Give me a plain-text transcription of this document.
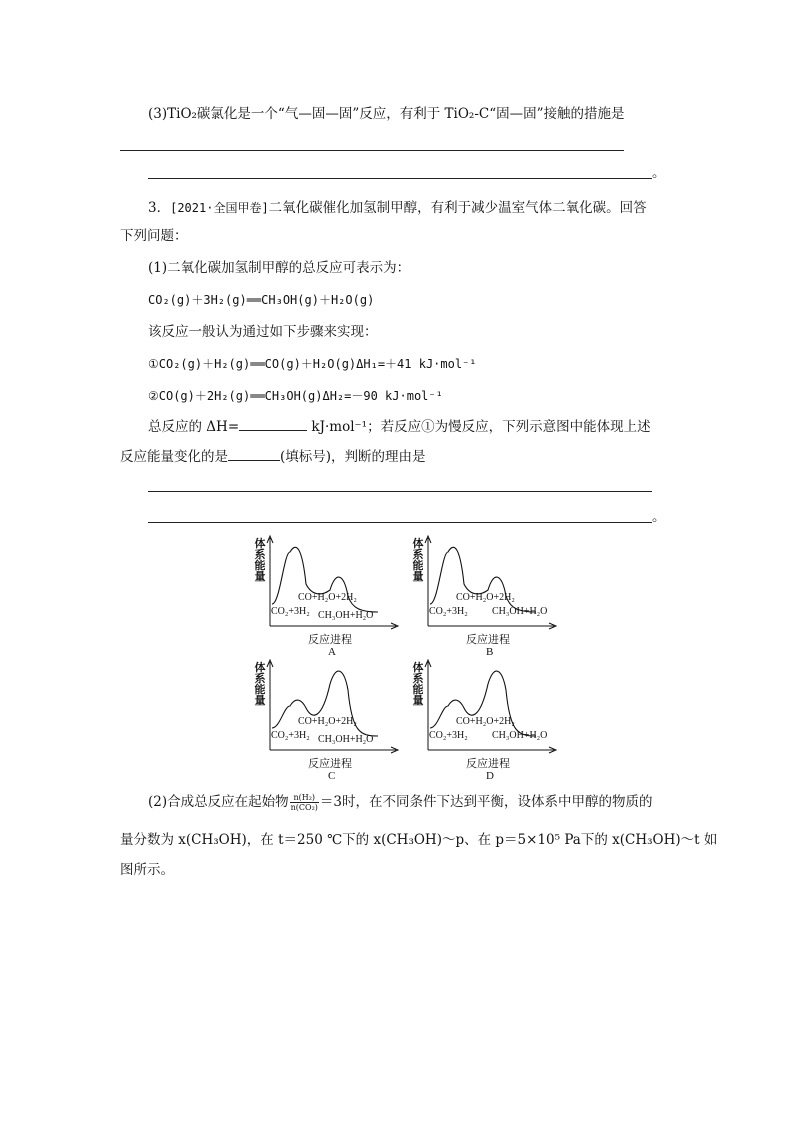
(3)TiO₂碳氯化是一个“气—固—固”反应，有利于 TiO₂-C“固—固”接触的措施是
。
3．[2021·全国甲卷]二氧化碳催化加氢制甲醇，有利于减少温室气体二氧化碳。回答
下列问题：
(1)二氧化碳加氢制甲醇的总反应可表示为：
CO₂(g)＋3H₂(g)══CH₃OH(g)＋H₂O(g)
该反应一般认为通过如下步骤来实现：
①CO₂(g)＋H₂(g)══CO(g)＋H₂O(g)ΔH₁=＋41 kJ·mol⁻¹
②CO(g)＋2H₂(g)══CH₃OH(g)ΔH₂=－90 kJ·mol⁻¹
总反应的 ΔH=	kJ·mol⁻¹；若反应①为慢反应，下列示意图中能体现上述
反应能量变化的是	(填标号)，判断的理由是
。
体系能量
CO₂+3H₂
CO+H₂O+2H₂
CH₃OH+H₂O
反应进程
A
体系能量
CO₂+3H₂
CO+H₂O+2H₂
CH₃OH+H₂O
反应进程
B
体系能量
CO₂+3H₂
CO+H₂O+2H₂
CH₃OH+H₂O
反应进程
C
体系能量
CO₂+3H₂
CO+H₂O+2H₂
CH₃OH+H₂O
反应进程
D
(2)合成总反应在起始物 $\frac{\text{n(H₂)}}{\text{n(CO₂)}} =3$时，在不同条件下达到平衡，设体系中甲醇的物质的
量分数为 x(CH₃OH)，在 t＝250 ℃下的 x(CH₃OH)～p、在 p＝5×10⁵ Pa下的 x(CH₃OH)～t 如
图所示。
